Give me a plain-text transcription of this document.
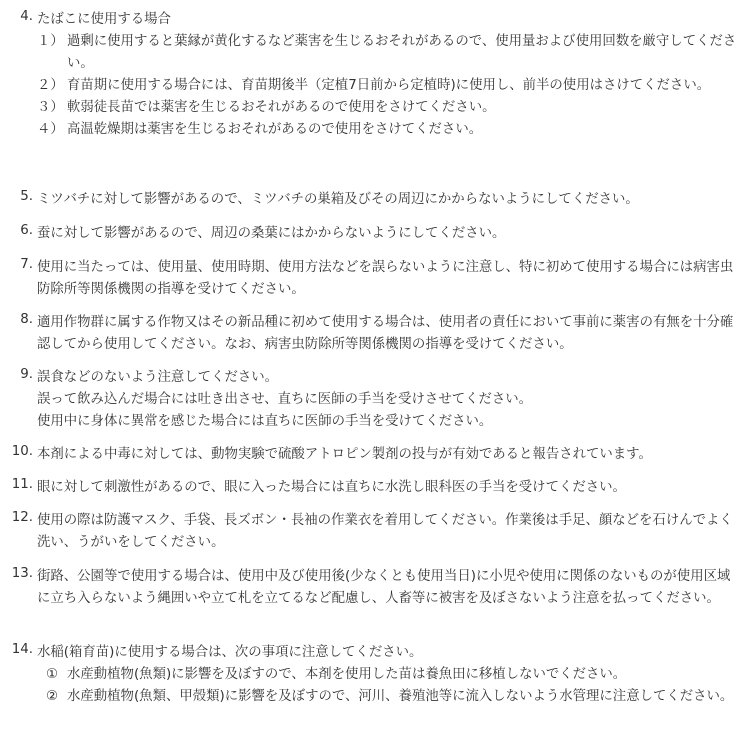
4. たばこに使用する場合
１） 過剰に使用すると葉縁が黄化するなど薬害を生じるおそれがあるので、使用量および使用回数を厳守してください。
２） 育苗期に使用する場合には、育苗期後半（定植7日前から定植時)に使用し、前半の使用はさけてください。
３） 軟弱徒長苗では薬害を生じるおそれがあるので使用をさけてください。
４） 高温乾燥期は薬害を生じるおそれがあるので使用をさけてください。
5. ミツバチに対して影響があるので、ミツバチの巣箱及びその周辺にかからないようにしてください。
6. 蚕に対して影響があるので、周辺の桑葉にはかからないようにしてください。
7. 使用に当たっては、使用量、使用時期、使用方法などを誤らないように注意し、特に初めて使用する場合には病害虫防除所等関係機関の指導を受けてください。
8. 適用作物群に属する作物又はその新品種に初めて使用する場合は、使用者の責任において事前に薬害の有無を十分確認してから使用してください。なお、病害虫防除所等関係機関の指導を受けてください。
9. 誤食などのないよう注意してください。
誤って飲み込んだ場合には吐き出させ、直ちに医師の手当を受けさせてください。
使用中に身体に異常を感じた場合には直ちに医師の手当を受けてください。
10. 本剤による中毒に対しては、動物実験で硫酸アトロピン製剤の投与が有効であると報告されています。
11. 眼に対して刺激性があるので、眼に入った場合には直ちに水洗し眼科医の手当を受けてください。
12. 使用の際は防護マスク、手袋、長ズボン・長袖の作業衣を着用してください。作業後は手足、顔などを石けんでよく洗い、うがいをしてください。
13. 街路、公園等で使用する場合は、使用中及び使用後(少なくとも使用当日)に小児や使用に関係のないものが使用区域に立ち入らないよう縄囲いや立て札を立てるなど配慮し、人畜等に被害を及ぼさないよう注意を払ってください。
14. 水稲(箱育苗)に使用する場合は、次の事項に注意してください。
① 水産動植物(魚類)に影響を及ぼすので、本剤を使用した苗は養魚田に移植しないでください。
② 水産動植物(魚類、甲殻類)に影響を及ぼすので、河川、養殖池等に流入しないよう水管理に注意してください。
